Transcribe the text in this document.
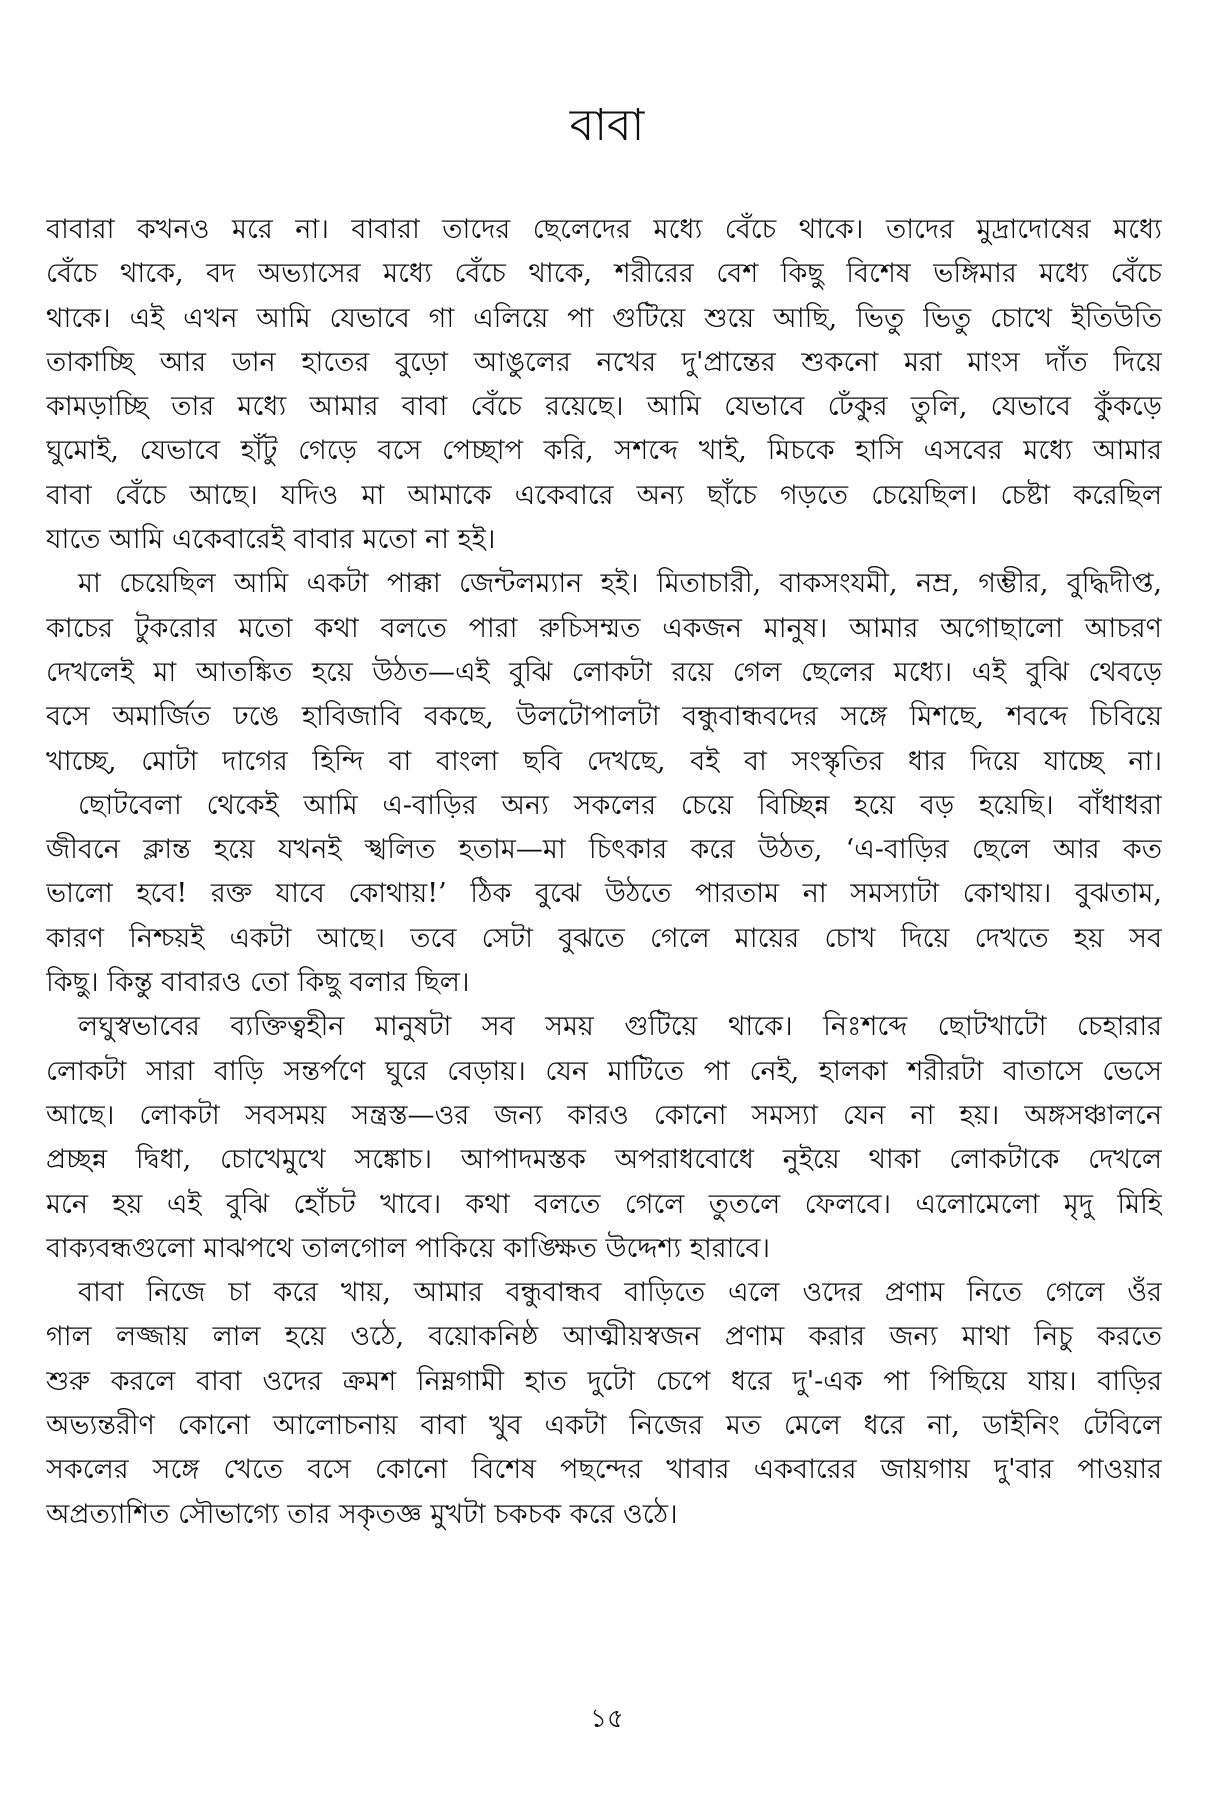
বাবা
বাবারা কখনও মরে না। বাবারা তাদের ছেলেদের মধ্যে বেঁচে থাকে। তাদের মুদ্রাদোষের মধ্যে
বেঁচে থাকে, বদ অভ্যাসের মধ্যে বেঁচে থাকে, শরীরের বেশ কিছু বিশেষ ভঙ্গিমার মধ্যে বেঁচে
থাকে। এই এখন আমি যেভাবে গা এলিয়ে পা গুটিয়ে শুয়ে আছি, ভিতু ভিতু চোখে ইতিউতি
তাকাচ্ছি আর ডান হাতের বুড়ো আঙুলের নখের দু'প্রান্তের শুকনো মরা মাংস দাঁত দিয়ে
কামড়াচ্ছি তার মধ্যে আমার বাবা বেঁচে রয়েছে। আমি যেভাবে ঢেঁকুর তুলি, যেভাবে কুঁকড়ে
ঘুমোই, যেভাবে হাঁটু গেড়ে বসে পেচ্ছাপ করি, সশব্দে খাই, মিচকে হাসি এসবের মধ্যে আমার
বাবা বেঁচে আছে। যদিও মা আমাকে একেবারে অন্য ছাঁচে গড়তে চেয়েছিল। চেষ্টা করেছিল
যাতে আমি একেবারেই বাবার মতো না হই।
মা চেয়েছিল আমি একটা পাক্কা জেন্টলম্যান হই। মিতাচারী, বাকসংযমী, নম্র, গম্ভীর, বুদ্ধিদীপ্ত,
কাচের টুকরোর মতো কথা বলতে পারা রুচিসম্মত একজন মানুষ। আমার অগোছালো আচরণ
দেখলেই মা আতঙ্কিত হয়ে উঠত—এই বুঝি লোকটা রয়ে গেল ছেলের মধ্যে। এই বুঝি থেবড়ে
বসে অমার্জিত ঢঙে হাবিজাবি বকছে, উলটোপালটা বন্ধুবান্ধবদের সঙ্গে মিশছে, শবব্দে চিবিয়ে
খাচ্ছে, মোটা দাগের হিন্দি বা বাংলা ছবি দেখছে, বই বা সংস্কৃতির ধার দিয়ে যাচ্ছে না।
ছোটবেলা থেকেই আমি এ-বাড়ির অন্য সকলের চেয়ে বিচ্ছিন্ন হয়ে বড় হয়েছি। বাঁধাধরা
জীবনে ক্লান্ত হয়ে যখনই স্খলিত হতাম—মা চিৎকার করে উঠত, ‘এ-বাড়ির ছেলে আর কত
ভালো হবে! রক্ত যাবে কোথায়!’ ঠিক বুঝে উঠতে পারতাম না সমস্যাটা কোথায়। বুঝতাম,
কারণ নিশ্চয়ই একটা আছে। তবে সেটা বুঝতে গেলে মায়ের চোখ দিয়ে দেখতে হয় সব
কিছু। কিন্তু বাবারও তো কিছু বলার ছিল।
লঘুস্বভাবের ব্যক্তিত্বহীন মানুষটা সব সময় গুটিয়ে থাকে। নিঃশব্দে ছোটখাটো চেহারার
লোকটা সারা বাড়ি সন্তর্পণে ঘুরে বেড়ায়। যেন মাটিতে পা নেই, হালকা শরীরটা বাতাসে ভেসে
আছে। লোকটা সবসময় সন্ত্রস্ত—ওর জন্য কারও কোনো সমস্যা যেন না হয়। অঙ্গসঞ্চালনে
প্রচ্ছন্ন দ্বিধা, চোখেমুখে সঙ্কোচ। আপাদমস্তক অপরাধবোধে নুইয়ে থাকা লোকটাকে দেখলে
মনে হয় এই বুঝি হোঁচট খাবে। কথা বলতে গেলে তুতলে ফেলবে। এলোমেলো মৃদু মিহি
বাক্যবন্ধগুলো মাঝপথে তালগোল পাকিয়ে কাঙ্ক্ষিত উদ্দেশ্য হারাবে।
বাবা নিজে চা করে খায়, আমার বন্ধুবান্ধব বাড়িতে এলে ওদের প্রণাম নিতে গেলে ওঁর
গাল লজ্জায় লাল হয়ে ওঠে, বয়োকনিষ্ঠ আত্মীয়স্বজন প্রণাম করার জন্য মাথা নিচু করতে
শুরু করলে বাবা ওদের ক্রমশ নিম্নগামী হাত দুটো চেপে ধরে দু'-এক পা পিছিয়ে যায়। বাড়ির
অভ্যন্তরীণ কোনো আলোচনায় বাবা খুব একটা নিজের মত মেলে ধরে না, ডাইনিং টেবিলে
সকলের সঙ্গে খেতে বসে কোনো বিশেষ পছন্দের খাবার একবারের জায়গায় দু'বার পাওয়ার
অপ্রত্যাশিত সৌভাগ্যে তার সকৃতজ্ঞ মুখটা চকচক করে ওঠে।
১৫
